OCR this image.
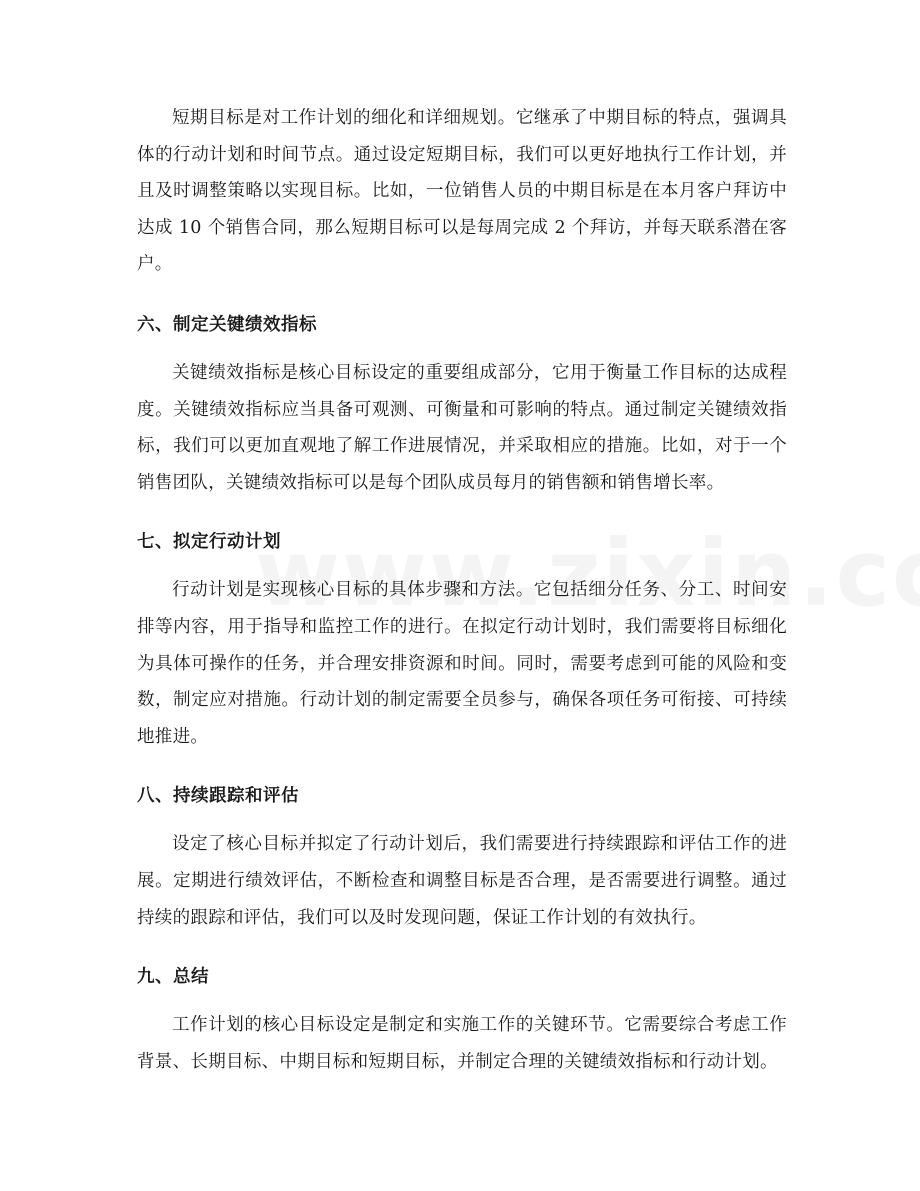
短期目标是对工作计划的细化和详细规划。它继承了中期目标的特点，强调具体的行动计划和时间节点。通过设定短期目标，我们可以更好地执行工作计划，并且及时调整策略以实现目标。比如，一位销售人员的中期目标是在本月客户拜访中达成 10 个销售合同，那么短期目标可以是每周完成 2 个拜访，并每天联系潜在客户。

六、制定关键绩效指标

关键绩效指标是核心目标设定的重要组成部分，它用于衡量工作目标的达成程度。关键绩效指标应当具备可观测、可衡量和可影响的特点。通过制定关键绩效指标，我们可以更加直观地了解工作进展情况，并采取相应的措施。比如，对于一个销售团队，关键绩效指标可以是每个团队成员每月的销售额和销售增长率。

七、拟定行动计划

行动计划是实现核心目标的具体步骤和方法。它包括细分任务、分工、时间安排等内容，用于指导和监控工作的进行。在拟定行动计划时，我们需要将目标细化为具体可操作的任务，并合理安排资源和时间。同时，需要考虑到可能的风险和变数，制定应对措施。行动计划的制定需要全员参与，确保各项任务可衔接、可持续地推进。

八、持续跟踪和评估

设定了核心目标并拟定了行动计划后，我们需要进行持续跟踪和评估工作的进展。定期进行绩效评估，不断检查和调整目标是否合理，是否需要进行调整。通过持续的跟踪和评估，我们可以及时发现问题，保证工作计划的有效执行。

九、总结

工作计划的核心目标设定是制定和实施工作的关键环节。它需要综合考虑工作背景、长期目标、中期目标和短期目标，并制定合理的关键绩效指标和行动计划。
